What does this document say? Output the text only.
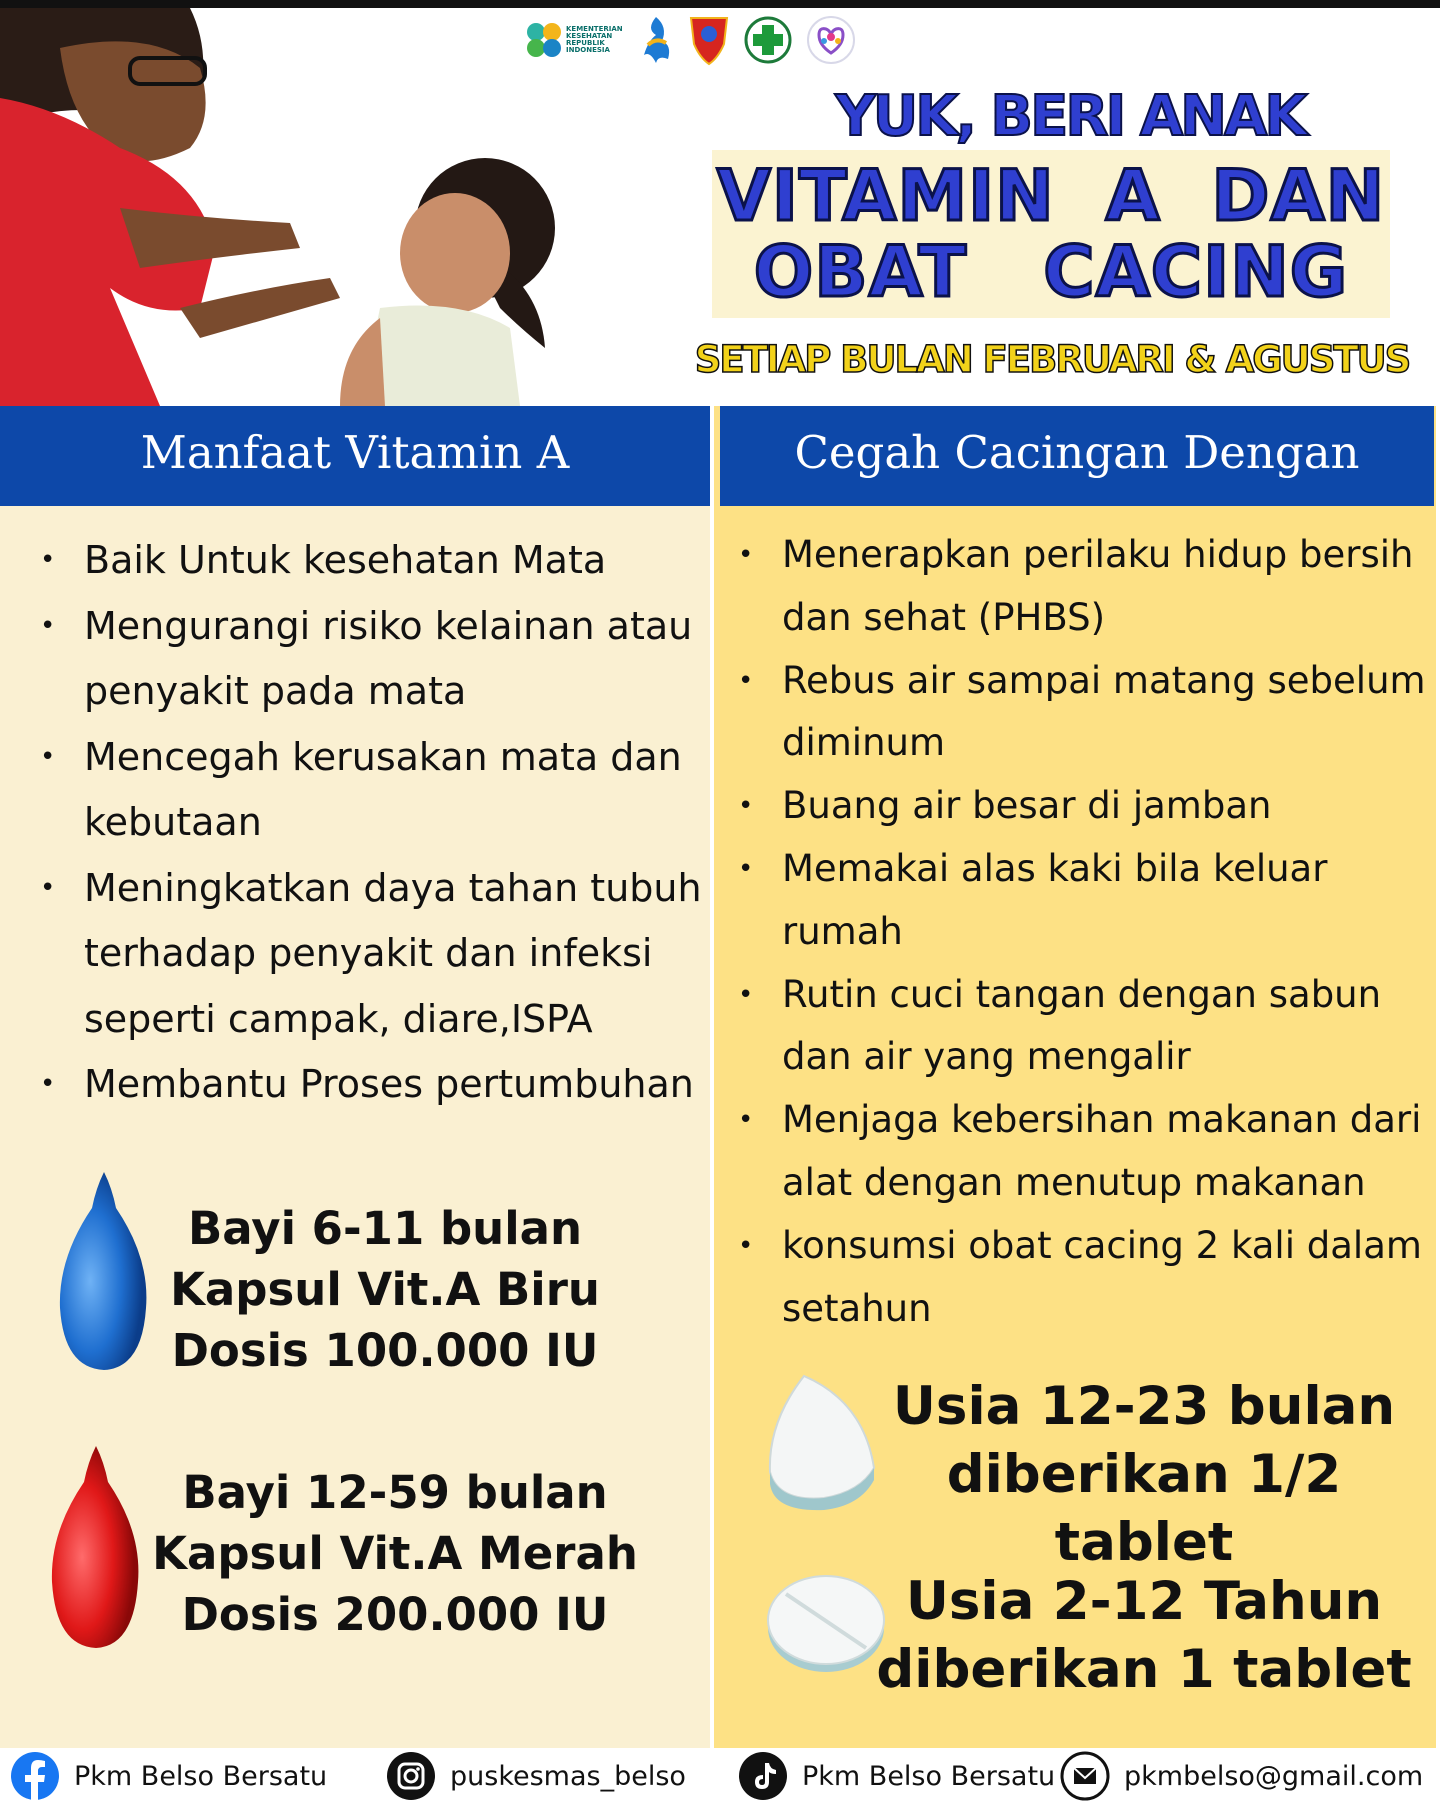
KEMENTERIAN KESEHATAN REPUBLIK INDONESIA
YUK, BERI ANAK
VITAMIN  A  DAN
OBAT   CACING
SETIAP BULAN FEBRUARI & AGUSTUS
Manfaat Vitamin A
• Baik Untuk kesehatan Mata
• Mengurangi risiko kelainan atau penyakit pada mata
• Mencegah kerusakan mata dan kebutaan
• Meningkatkan daya tahan tubuh terhadap penyakit dan infeksi seperti campak, diare,ISPA
• Membantu Proses pertumbuhan
Bayi 6-11 bulan
Kapsul Vit.A Biru
Dosis 100.000 IU
Bayi 12-59 bulan
Kapsul Vit.A Merah
Dosis 200.000 IU
Cegah Cacingan Dengan
• Menerapkan perilaku hidup bersih dan sehat (PHBS)
• Rebus air sampai matang sebelum diminum
• Buang air besar di jamban
• Memakai alas kaki bila keluar rumah
• Rutin cuci tangan dengan sabun dan air yang mengalir
• Menjaga kebersihan makanan dari alat dengan menutup makanan
• konsumsi obat cacing 2 kali dalam setahun
Usia 12-23 bulan
diberikan 1/2 tablet
Usia 2-12 Tahun
diberikan 1 tablet
Pkm Belso Bersatu	puskesmas_belso	Pkm Belso Bersatu	pkmbelso@gmail.com
